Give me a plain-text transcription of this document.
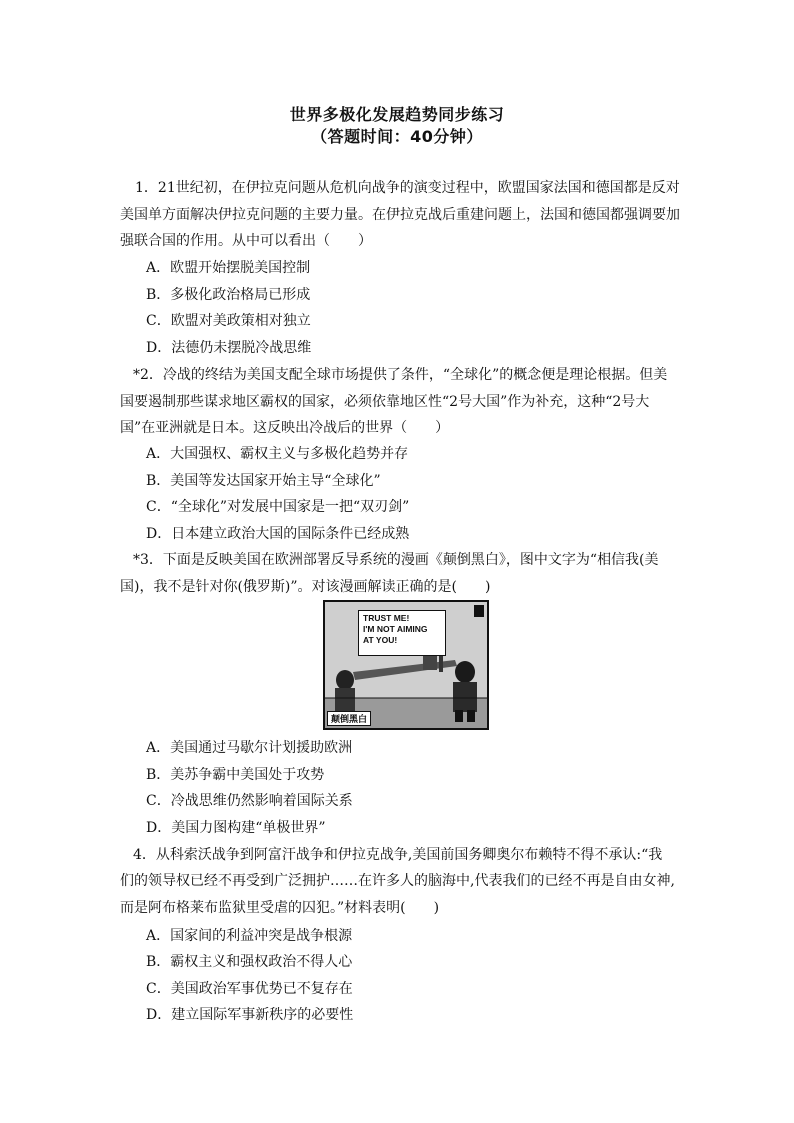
世界多极化发展趋势同步练习
（答题时间：40分钟）
1．21世纪初，在伊拉克问题从危机向战争的演变过程中，欧盟国家法国和德国都是反对
美国单方面解决伊拉克问题的主要力量。在伊拉克战后重建问题上，法国和德国都强调要加
强联合国的作用。从中可以看出（　　）
A．欧盟开始摆脱美国控制
B．多极化政治格局已形成
C．欧盟对美政策相对独立
D．法德仍未摆脱冷战思维
*2．冷战的终结为美国支配全球市场提供了条件，“全球化”的概念便是理论根据。但美
国要遏制那些谋求地区霸权的国家，必须依靠地区性“2号大国”作为补充，这种“2号大
国”在亚洲就是日本。这反映出冷战后的世界（　　）
A．大国强权、霸权主义与多极化趋势并存
B．美国等发达国家开始主导“全球化”
C．“全球化”对发展中国家是一把“双刃剑”
D．日本建立政治大国的国际条件已经成熟
*3．下面是反映美国在欧洲部署反导系统的漫画《颠倒黑白》，图中文字为“相信我(美
国)，我不是针对你(俄罗斯)”。对该漫画解读正确的是(　　)
TRUST ME!
I'M NOT AIMING
AT YOU!
颠倒黑白
A．美国通过马歇尔计划援助欧洲
B．美苏争霸中美国处于攻势
C．冷战思维仍然影响着国际关系
D．美国力图构建“单极世界”
4．从科索沃战争到阿富汗战争和伊拉克战争,美国前国务卿奥尔布赖特不得不承认:“我
们的领导权已经不再受到广泛拥护……在许多人的脑海中,代表我们的已经不再是自由女神,
而是阿布格莱布监狱里受虐的囚犯。”材料表明(　　)
A．国家间的利益冲突是战争根源
B．霸权主义和强权政治不得人心
C．美国政治军事优势已不复存在
D．建立国际军事新秩序的必要性
